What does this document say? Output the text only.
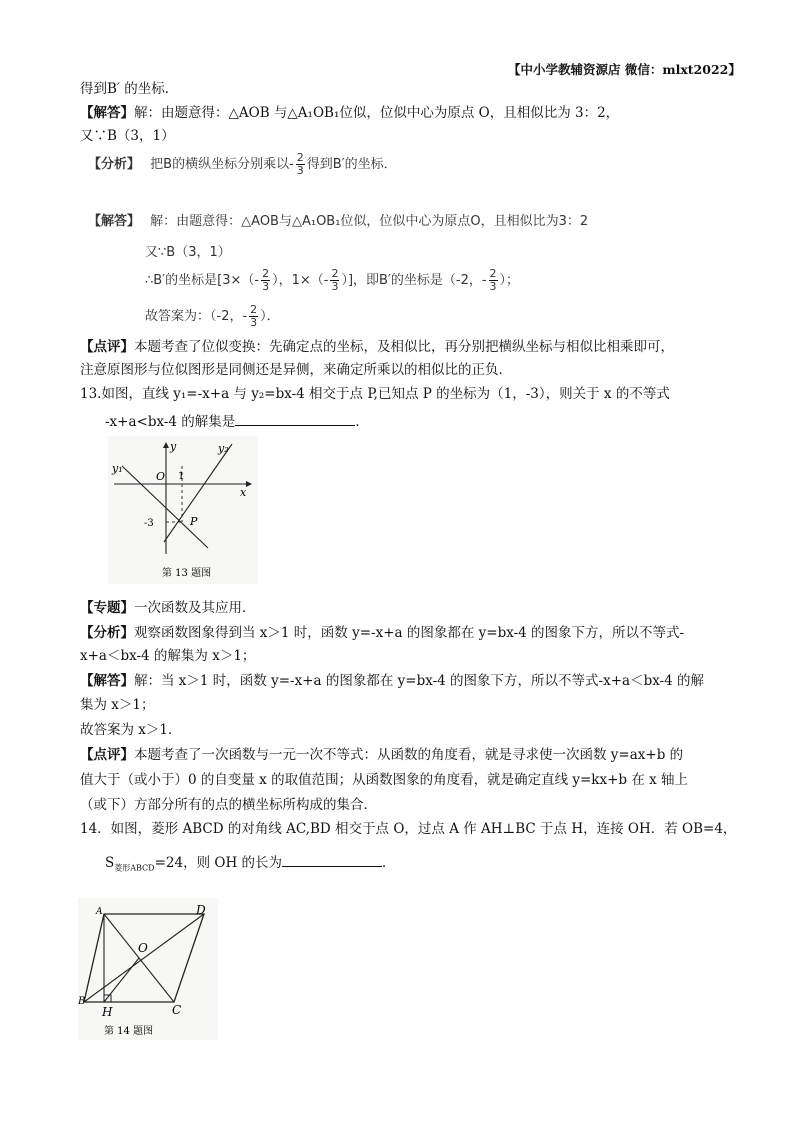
【中小学教辅资源店 微信：mlxt2022】
得到B′ 的坐标．
【解答】解：由题意得：△AOB 与△A₁OB₁位似，位似中心为原点 O，且相似比为 3：2，
又∵B（3，1）
【分析】 把B的横纵坐标分别乘以- $\frac{2}{3}$ 得到B′的坐标．
【解答】 解：由题意得：△AOB与△A₁OB₁位似，位似中心为原点O，且相似比为3：2
又∵B（3，1）
∴B′的坐标是[$3\times(- \frac{2}{3}$ ），$1\times(- \frac{2}{3}$ ）]，即B′的坐标是（-2，- $\frac{2}{3}$ ）；
故答案为：（-2，- $\frac{2}{3}$ ）．
【点评】本题考查了位似变换：先确定点的坐标，及相似比，再分别把横纵坐标与相似比相乘即可，
注意原图形与位似图形是同侧还是异侧，来确定所乘以的相似比的正负．
13.如图，直线 y₁=-x+a 与 y₂=bx-4 相交于点 P,已知点 P 的坐标为（1，-3），则关于 x 的不等式
-x+a<bx-4 的解集是	．
y₁
y₂
y
x
O 1
-3	P
第 13 题图
【专题】一次函数及其应用．
【分析】观察函数图象得到当 x＞1 时，函数 y=-x+a 的图象都在 y=bx-4 的图象下方，所以不等式-
x+a＜bx-4 的解集为 x＞1；
【解答】解：当 x＞1 时，函数 y=-x+a 的图象都在 y=bx-4 的图象下方，所以不等式-x+a＜bx-4 的解
集为 x＞1；
故答案为 x＞1．
【点评】本题考查了一次函数与一元一次不等式：从函数的角度看，就是寻求使一次函数 y=ax+b 的
值大于（或小于）0 的自变量 x 的取值范围；从函数图象的角度看，就是确定直线 y=kx+b 在 x 轴上
（或下）方部分所有的点的横坐标所构成的集合．
14．如图，菱形 ABCD 的对角线 AC,BD 相交于点 O，过点 A 作 AH⊥BC 于点 H，连接 OH．若 OB=4，
$S_{菱形ABCD}=24$，则 OH 的长为	．
A	D
C
B
H
O
第 14 题图
